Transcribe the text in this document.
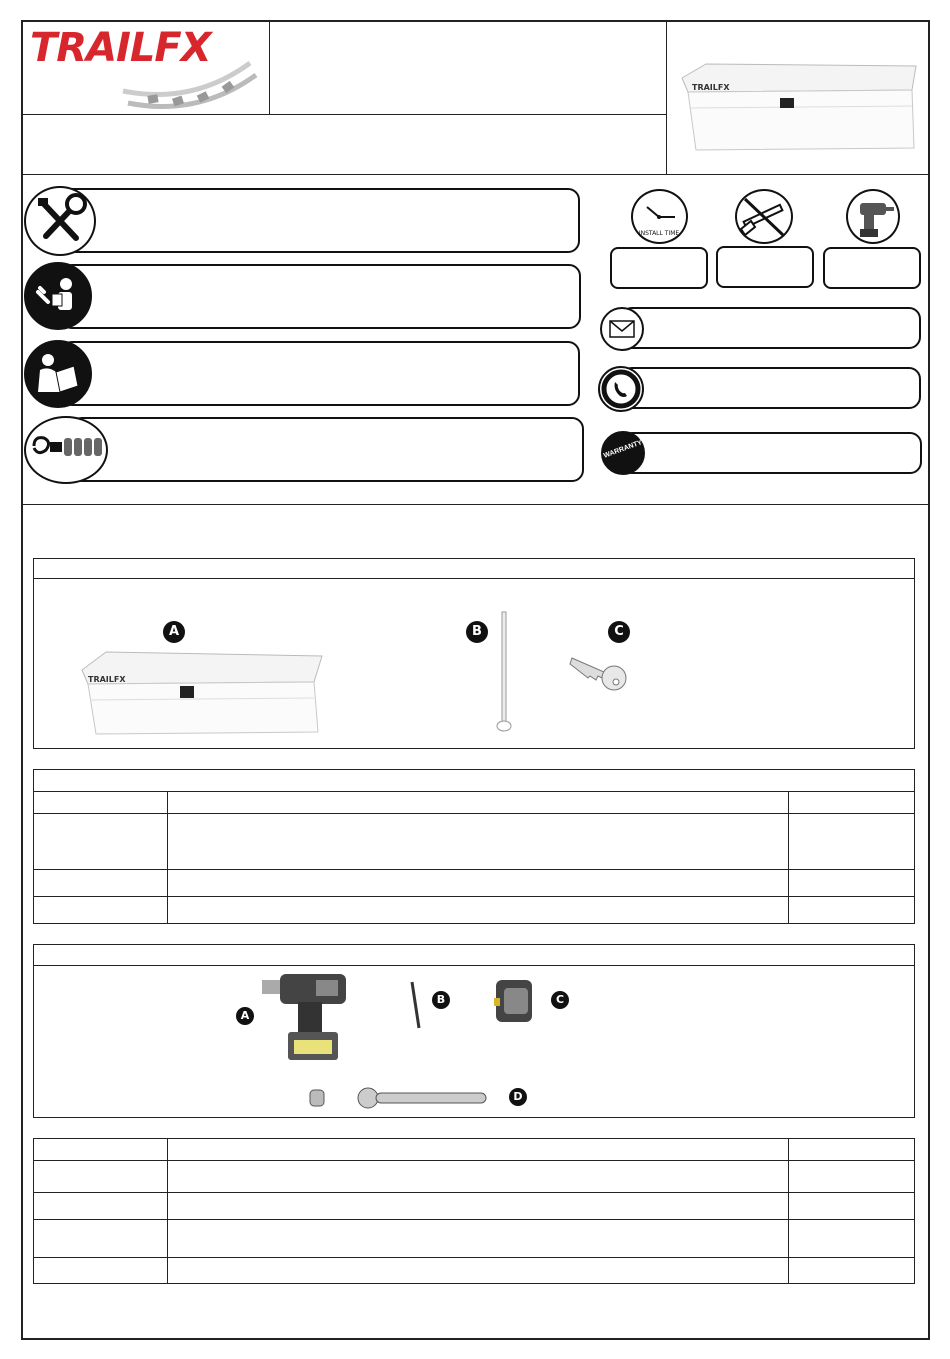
TRAILFX
TRAILFX
INSTALL TIME
WARRANTY
A
TRAILFX
B	C

A
B	C
D
